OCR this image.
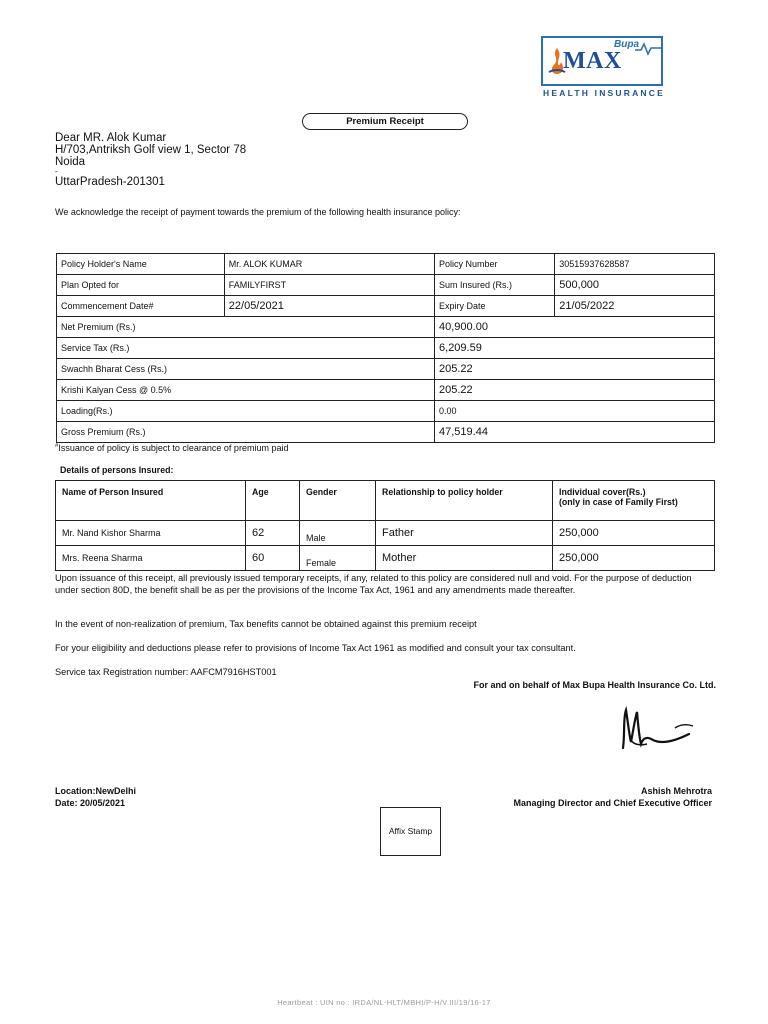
MAX
Bupa
HEALTH INSURANCE
Premium Receipt
Dear MR. Alok Kumar
H/703,Antriksh Golf view 1, Sector 78
Noida
-
UttarPradesh-201301
We acknowledge the receipt of payment towards the premium of the following health insurance policy:
Policy Holder's Name	Mr. ALOK KUMAR	Policy Number	30515937628587
Plan Opted for	FAMILYFIRST	Sum Insured (Rs.)	500,000
Commencement Date#	22/05/2021	Expiry Date	21/05/2022
Net Premium (Rs.)		40,900.00	
Service Tax (Rs.)		6,209.59	
Swachh Bharat Cess (Rs.)		205.22	
Krishi Kalyan Cess @ 0.5%		205.22	
Loading(Rs.)		0.00	
Gross Premium (Rs.)		47,519.44	
#Issuance of policy is subject to clearance of premium paid
Details of persons Insured:
Name of Person Insured	Age	Gender	Relationship to policy holder	Individual cover(Rs.)
(only in case of Family First)

Mr. Nand Kishor Sharma	62	Male	Father	250,000
Mrs. Reena Sharma	60	Female	Mother	250,000
Upon issuance of this receipt, all previously issued temporary receipts, if any, related to this policy are considered null and void. For the purpose of deduction under section 80D, the benefit shall be as per the provisions of the Income Tax Act, 1961 and any amendments made thereafter.
In the event of non-realization of premium, Tax benefits cannot be obtained against this premium receipt
For your eligibility and deductions please refer to provisions of Income Tax Act 1961 as modified and consult your tax consultant.
Service tax Registration number: AAFCM7916HST001
For and on behalf of Max Bupa Health Insurance Co. Ltd.
Location:NewDelhi
Date: 20/05/2021
Ashish Mehrotra
Managing Director and Chief Executive Officer
Affix Stamp
Heartbeat : UIN no : IRDA/NL-HLT/MBHI/P-H/V.III/19/16-17
